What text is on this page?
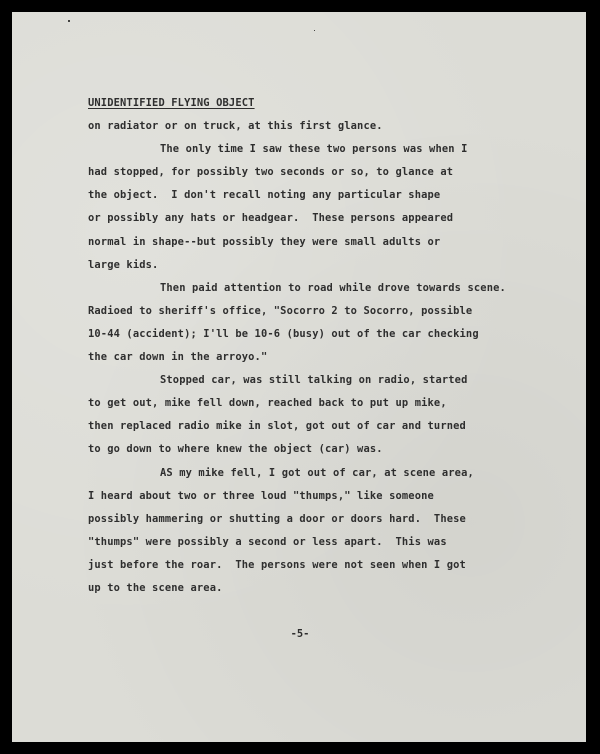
UNIDENTIFIED FLYING OBJECT
on radiator or on truck, at this first glance.
The only time I saw these two persons was when I
had stopped, for possibly two seconds or so, to glance at
the object.  I don't recall noting any particular shape
or possibly any hats or headgear.  These persons appeared
normal in shape--but possibly they were small adults or
large kids.
Then paid attention to road while drove towards scene.
Radioed to sheriff's office, "Socorro 2 to Socorro, possible
10-44 (accident); I'll be 10-6 (busy) out of the car checking
the car down in the arroyo."
Stopped car, was still talking on radio, started
to get out, mike fell down, reached back to put up mike,
then replaced radio mike in slot, got out of car and turned
to go down to where knew the object (car) was.
AS my mike fell, I got out of car, at scene area,
I heard about two or three loud "thumps," like someone
possibly hammering or shutting a door or doors hard.  These
"thumps" were possibly a second or less apart.  This was
just before the roar.  The persons were not seen when I got
up to the scene area.
-5-
